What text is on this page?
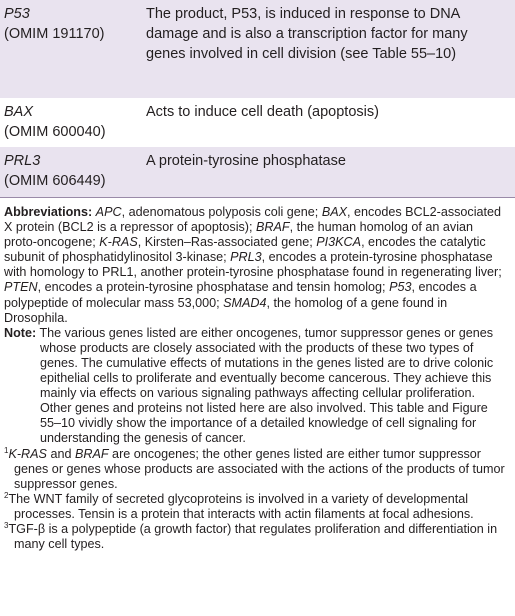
P53
(OMIM 191170)
The product, P53, is induced in response to DNA damage and is also a transcription factor for many genes involved in cell division (see Table 55–10)
BAX
(OMIM 600040)
Acts to induce cell death (apoptosis)
PRL3
(OMIM 606449)
A protein-tyrosine phosphatase

Abbreviations: APC, adenomatous polyposis coli gene; BAX, encodes BCL2-associated X protein (BCL2 is a repressor of apoptosis); BRAF, the human homolog of an avian proto-oncogene; K-RAS, Kirsten–Ras-associated gene; PI3KCA, encodes the catalytic subunit of phosphatidylinositol 3-kinase; PRL3, encodes a protein-tyrosine phosphatase with homology to PRL1, another protein-tyrosine phosphatase found in regenerating liver; PTEN, encodes a protein-tyrosine phosphatase and tensin homolog; P53, encodes a polypeptide of molecular mass 53,000; SMAD4, the homolog of a gene found in Drosophila.

Note: The various genes listed are either oncogenes, tumor suppressor genes or genes whose products are closely associated with the products of these two types of genes. The cumulative effects of mutations in the genes listed are to drive colonic epithelial cells to proliferate and eventually become cancerous. They achieve this mainly via effects on various signaling pathways affecting cellular proliferation. Other genes and proteins not listed here are also involved. This table and Figure 55–10 vividly show the importance of a detailed knowledge of cell signaling for understanding the genesis of cancer.

$^1$K-RAS and BRAF are oncogenes; the other genes listed are either tumor suppressor genes or genes whose products are associated with the actions of the products of tumor suppressor genes.

$^2$The WNT family of secreted glycoproteins is involved in a variety of developmental processes. Tensin is a protein that interacts with actin filaments at focal adhesions.

$^3$TGF-β is a polypeptide (a growth factor) that regulates proliferation and differentiation in many cell types.
